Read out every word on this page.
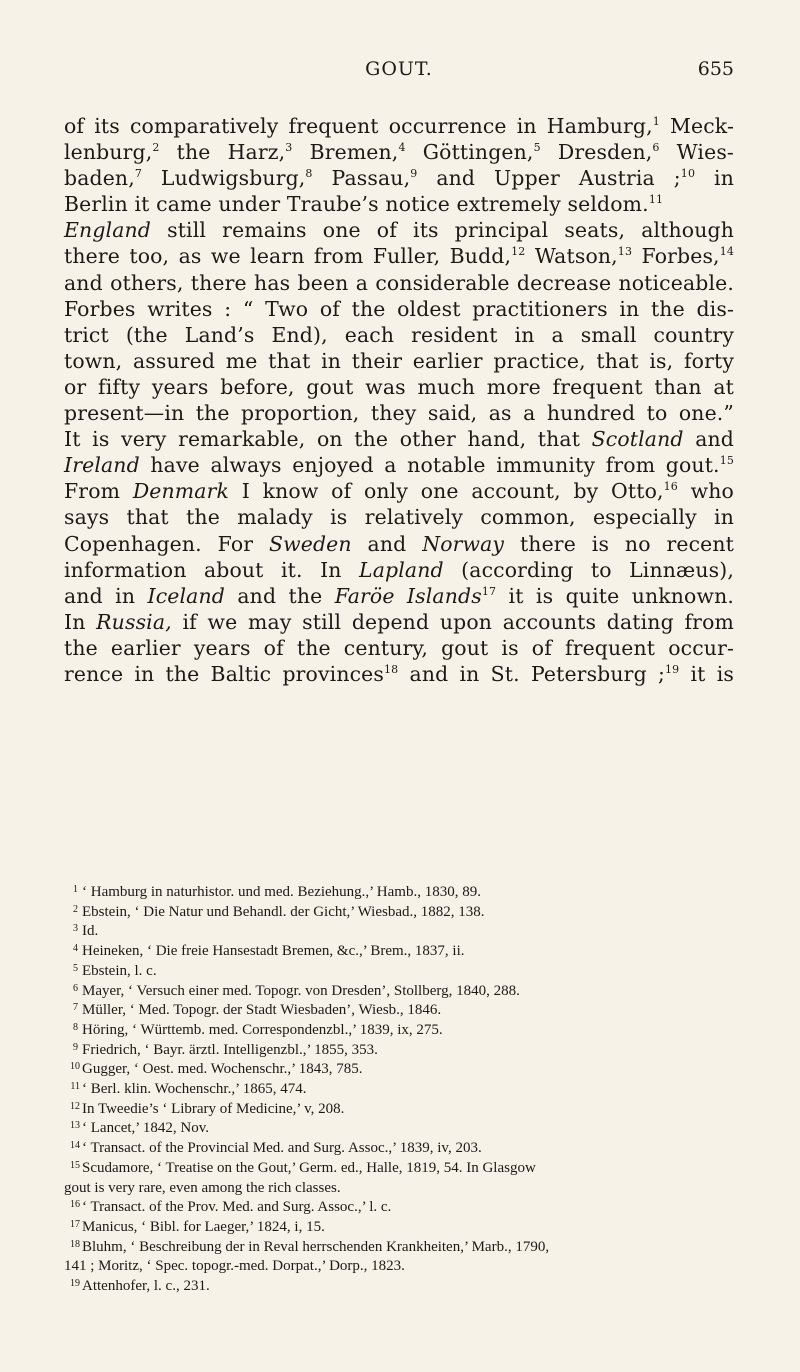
GOUT.	655
of its comparatively frequent occurrence in Hamburg,$^1$ Meck-
lenburg,$^2$ the Harz,$^3$ Bremen,$^4$ Göttingen,$^5$ Dresden,$^6$ Wies-
baden,$^7$ Ludwigsburg,$^8$ Passau,$^9$ and Upper Austria ;$^{10}$ in
Berlin it came under Traube’s notice extremely seldom.$^{11}$
England still remains one of its principal seats, although
there too, as we learn from Fuller, Budd,$^{12}$ Watson,$^{13}$ Forbes,$^{14}$
and others, there has been a considerable decrease noticeable.
Forbes writes : “ Two of the oldest practitioners in the dis-
trict (the Land’s End), each resident in a small country
town, assured me that in their earlier practice, that is, forty
or fifty years before, gout was much more frequent than at
present—in the proportion, they said, as a hundred to one.”
It is very remarkable, on the other hand, that Scotland and
Ireland have always enjoyed a notable immunity from gout.$^{15}$
From Denmark I know of only one account, by Otto,$^{16}$ who
says that the malady is relatively common, especially in
Copenhagen. For Sweden and Norway there is no recent
information about it. In Lapland (according to Linnæus),
and in Iceland and the Faröe Islands$^{17}$ it is quite unknown.
In Russia, if we may still depend upon accounts dating from
the earlier years of the century, gout is of frequent occur-
rence in the Baltic provinces$^{18}$ and in St. Petersburg ;$^{19}$ it is
1 ‘ Hamburg in naturhistor. und med. Beziehung.,’ Hamb., 1830, 89.
2 Ebstein, ‘ Die Natur und Behandl. der Gicht,’ Wiesbad., 1882, 138.
3 Id.
4 Heineken, ‘ Die freie Hansestadt Bremen, &c.,’ Brem., 1837, ii.
5 Ebstein, l. c.
6 Mayer, ‘ Versuch einer med. Topogr. von Dresden’, Stollberg, 1840, 288.
7 Müller, ‘ Med. Topogr. der Stadt Wiesbaden’, Wiesb., 1846.
8 Höring, ‘ Württemb. med. Correspondenzbl.,’ 1839, ix, 275.
9 Friedrich, ‘ Bayr. ärztl. Intelligenzbl.,’ 1855, 353.
10 Gugger, ‘ Oest. med. Wochenschr.,’ 1843, 785.
11 ‘ Berl. klin. Wochenschr.,’ 1865, 474.
12 In Tweedie’s ‘ Library of Medicine,’ v, 208.
13 ‘ Lancet,’ 1842, Nov.
14 ‘ Transact. of the Provincial Med. and Surg. Assoc.,’ 1839, iv, 203.
15 Scudamore, ‘ Treatise on the Gout,’ Germ. ed., Halle, 1819, 54. In Glasgow
gout is very rare, even among the rich classes.
16 ‘ Transact. of the Prov. Med. and Surg. Assoc.,’ l. c.
17 Manicus, ‘ Bibl. for Laeger,’ 1824, i, 15.
18 Bluhm, ‘ Beschreibung der in Reval herrschenden Krankheiten,’ Marb., 1790,
141 ; Moritz, ‘ Spec. topogr.-med. Dorpat.,’ Dorp., 1823.
19 Attenhofer, l. c., 231.
